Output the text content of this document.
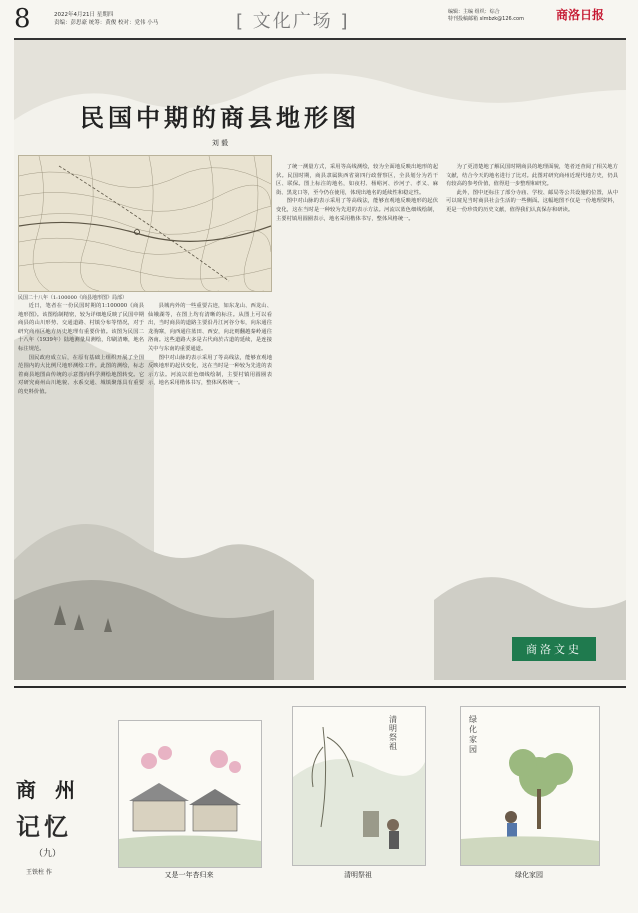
8	2022年4月21日 星期四
责编：彭思豪 统筹：黄俊 校对：党伟 小马	[ 文化广场 ]	编辑：主编 组织：综合
特刊投稿邮箱 slmbzk@126.com	商洛日报
民国中期的商县地形图
刘 毅
民国二十八年（1:100000《商县地形图》局部）

近日，笔者在一份民国时期的1:100000《商县地形图》。该图绘制精密，较为详细地反映了民国中期商县的山川形势、交通道路、村镇分布等情况，对于研究商州区地方历史地理有重要价值。该图为民国二十八年（1939年）陆地测量局测绘，印刷清晰，地名标注规范。

国民政府成立后，在原有基础上组织开展了全国范围内的大比例尺地形测绘工作。此图的测绘，标志着商县地图由传统的示意图向科学测绘地图转变。它对研究商州山川地貌、水系交通、城镇聚落具有重要的史料价值。

县城内外的一些重要古迹，如东龙山、西龙山、仙娥湖等，在图上均有清晰的标注。从图上可以看出，当时商县的道路主要沿丹江河谷分布，向东通往龙驹寨，向西通往蓝田、西安，向北则翻越秦岭通往洛南。这些道路大多是古代商於古道的延续，是连接关中与东南的重要通道。

图中对山脉的表示采用了等高线法，能够直观地反映地形的起伏变化，这在当时是一种较为先进的表示方法。河流以蓝色细线绘制，主要村镇用圆圈表示，地名采用楷体书写，整体风格统一。

了统一测量方式，采用等高线测绘，较为全面地反映出地形的起伏。民国时期，商县隶属陕西省第四行政督察区，全县划分为若干区、联保。图上标注的地名，如夜村、杨峪河、沙河子、孝义、麻街、黑龙口等，至今仍在使用，体现出地名的延续性和稳定性。

图中对山脉的表示采用了等高线法，能够直观地反映地形的起伏变化，这在当时是一种较为先进的表示方法。河流以蓝色细线绘制，主要村镇用圆圈表示，地名采用楷体书写，整体风格统一。

为了更清楚地了解民国时期商县的地理面貌，笔者还查阅了相关地方文献，结合今天的地名进行了比对。此图对研究商州近现代地方史，仍具有较高的参考价值，值得进一步整理和研究。

此外，图中还标注了部分寺庙、学校、邮局等公共设施的位置，从中可以窥见当时商县社会生活的一些侧面。这幅地图不仅是一份地理资料，更是一份珍贵的历史文献，值得我们认真保存和研读。

商洛文史
商 州
记忆
（九）
王铁柱 作	又是一年杏归来
清明祭祖
清明祭祖
绿化家园
绿化家园
